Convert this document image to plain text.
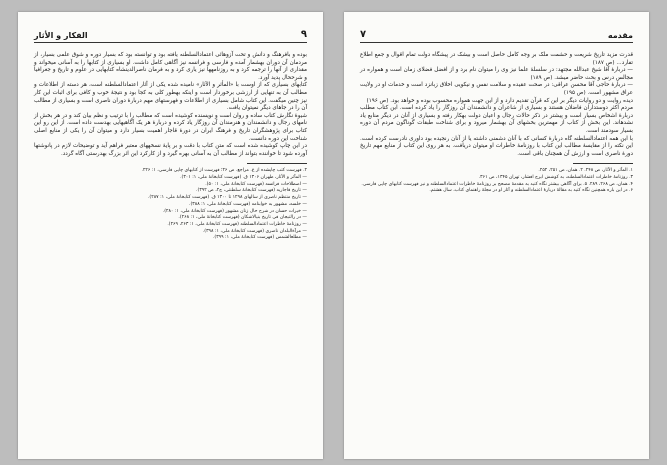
٩
الفکار و الأثار

بوده و بافرهنگ و دانش و تحت آزوهائی اعتمادالسلطنه یافته بود و توانسته بود که بسیار دوره و شوق علمی بسیار، از مردمان آن دوران بهشمار آمده و فارسی و فرانسه نیز آگاهی کامل داشت. او بسیاری از کتابها را به آسانی میخواند و مقداری از آنها را ترجمه کرد و به روزنامهها نیز یاری کرد و به فرمان ناصرالدینشاه کتابهایی در علوم و تاریخ و جغرافیا و شرححال پدید آورد.

کتابهای بسیاری که از اوست با «المأثر و الآثار» نامیده شده یکی از آثار اعتمادالسلطنه است، هر دسته از اطلاعات و مطالب آن به تنهایی از ارزشی برخوردار است و اینکه بهطور کلی به کجا بود و نتیجهٔ خوب و کافی برای اثبات این کار نیز چنین میگفت. این کتاب شامل بسیاری از اطلاعات و فهرستهای مهم دربارهٔ دوران ناصری است و بسیاری از مطالب آن را در جاهای دیگر نمیتوان یافت.

شیوهٔ نگارش کتاب ساده و روان است و نویسنده کوشیده است که مطالب را با ترتیب و نظم بیان کند و در هر بخش از نامهای رجال و دانشمندان و هنرمندان آن روزگار یاد کرده و دربارهٔ هر یک آگاهیهایی بهدست داده است. از این رو این کتاب برای پژوهشگران تاریخ و فرهنگ ایران در دورهٔ قاجار اهمیت بسیار دارد و میتوان آن را یکی از منابع اصلی شناخت این دوره دانست.

در این چاپ کوشیده شده است که متن کتاب با دقت و بر پایهٔ نسخههای معتبر فراهم آید و توضیحات لازم در پانوشتها آورده شود تا خواننده بتواند از مطالب آن به آسانی بهره گیرد و از کارکرد این اثر بزرگ بهدرستی آگاه گردد.

۲. فهرست کتب چاپشده از ع. مراجع. ص ۲۶؛ فهرست از کتابهای چاپی فارسی، ۱: ۲۲۶.

— المآثر و الآثار، طهران ۱۳۰۶ ق. (فهرست کتابخانهٔ ملی، ۱: ۳۰۱).

— اصطلاحات فرانسه (فهرست کتابخانهٔ ملی، ۱: ۵۰).

— تاریخ قاجاریه (فهرست کتابخانهٔ سلطنتی، ج۲، ص ۳۹۲).

— تاریخ منتظم ناصری از سالهای ۱۲۹۸ تا ۱۳۰۰ ق. (فهرست کتابخانهٔ ملی، ۱: ۲۸۷).

— خلسه، مشهور به خوابنامه (فهرست کتابخانهٔ ملی، ۱: ۳۸۸).

— خیرات حسان در شرح حال زنان مشهور (فهرست کتابخانهٔ ملی، ۱: ۲۸۰).

— در رالتیجان فی تاریخ بنیالاشکان (فهرست کتابخانهٔ ملی، ۱: ۲۶۸).

— روزنامهٔ خاطرات اعتمادالسلطنه (فهرست کتابخانهٔ ملی، ۱: ۲۶۳، ۲۶۹).

— مرآةالبلدان ناصری (فهرست کتابخانهٔ ملی، ۱: ۳۹۸).

— مطلعالشمس (فهرست کتابخانهٔ ملی، ۱: ۳۹۹).

٧	مقدمه

قدرت مزید تاریخ شریعت و حشمت ملک بر وجه کامل حاصل است و بیشک در پیشگاه دولت تمام اقوال و جمع اطلاع تفارد... (ص ۱۸۷)

— دربارهٔ آقا شیخ عبدالله مجتهد: در سلسلهٔ علما نیز وی را میتوان نام برد و از افضل فضلای زمان است و همواره در مجالس درس و بحث حاضر میشد. (ص ۱۸۹)

— دربارهٔ حاجی آقا محسن عراقی: در صحت عقیده و سلامت نفس و نیکویی اخلاق زبانزد است و خدمات او در ولایت عراق مشهور است. (ص ۱۹۵)

دیده روایت و دو روایات دیگر بر این که قرآن تقدیم دارد و از این جهت همواره محسوب بوده و خواهد بود. (ص ۱۹۶)

مردم اکثر دوستداران فاضلان هستند و بسیاری از شاعران و دانشمندان آن روزگار را یاد کرده است. این کتاب مطلب دربارهٔ اشخاص بسیار است و پیشتر در ذکر حالات رجال و اعیان دولت بهکار رفته و بسیاری از آنان در دیگر منابع یاد نشدهاند. این بخش از کتاب از مهمترین بخشهای آن بهشمار میرود و برای شناخت طبقات گوناگون مردم آن دوره بسیار سودمند است.

با این همه اعتمادالسلطنه گاه دربارهٔ کسانی که با آنان دشمنی داشته یا از آنان رنجیده بود داوری نادرست کرده است. این نکته را از مقایسهٔ مطالب این کتاب با روزنامهٔ خاطرات او میتوان دریافت. به هر روی این کتاب از منابع مهم تاریخ دورهٔ ناصری است و ارزش آن همچنان باقی است.

۱. المآثر و الآثار، ص ۲۴۸. ۲. همان، ص ۲۵۱، ۲۵۲.

۳. روزنامهٔ خاطرات اعتمادالسلطنه، به کوشش ایرج افشار، تهران ۱۳۴۵، ص ۳۶۱.

۴. همان، ص ۲۶۸، ۲۸۹. ۵. برای آگاهی بیشتر نگاه کنید به مقدمهٔ مصحح بر روزنامهٔ خاطرات اعتمادالسلطنه و نیز فهرست کتابهای چاپی فارسی.

۶. در این باره همچنین نگاه کنید به مقالهٔ دربارهٔ اعتمادالسلطنه و آثار او در مجلهٔ راهنمای کتاب، سال هشتم.
